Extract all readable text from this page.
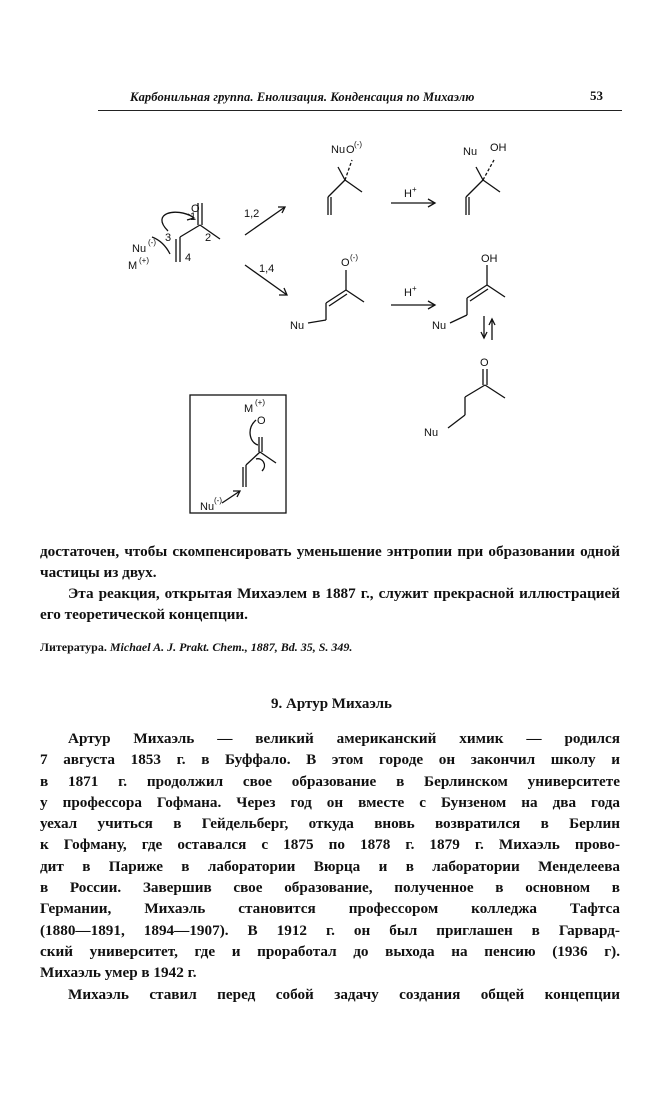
Карбонильная группа. Енолизация. Конденсация по Михаэлю	53
O
1
2
3
4
Nu
(-)
M (+)
1,2
1,4
Nu O (-)
H+
Nu OH
O (-)
Nu
H+
OH
Nu
O
Nu
M
(+)
O
Nu
(-)
достаточен, чтобы скомпенсировать уменьшение энтропии при образовании одной частицы из двух.
Эта реакция, открытая Михаэлем в 1887 г., служит прекрасной иллюстрацией его теоретической концепции.
Литература. Michael A. J. Prakt. Chem., 1887, Bd. 35, S. 349.
9. Артур Михаэль
Артур Михаэль — великий американский химик — родился
7 августа 1853 г. в Буффало. В этом городе он закончил школу и
в 1871 г. продолжил свое образование в Берлинском университете
у профессора Гофмана. Через год он вместе с Бунзеном на два года
уехал учиться в Гейдельберг, откуда вновь возвратился в Берлин
к Гофману, где оставался с 1875 по 1878 г. 1879 г. Михаэль прово-
дит в Париже в лаборатории Вюрца и в лаборатории Менделеева
в России. Завершив свое образование, полученное в основном в
Германии, Михаэль становится профессором колледжа Тафтса
(1880—1891, 1894—1907). В 1912 г. он был приглашен в Гарвард-
ский университет, где и проработал до выхода на пенсию (1936 г).
Михаэль умер в 1942 г.
Михаэль ставил перед собой задачу создания общей концепции
